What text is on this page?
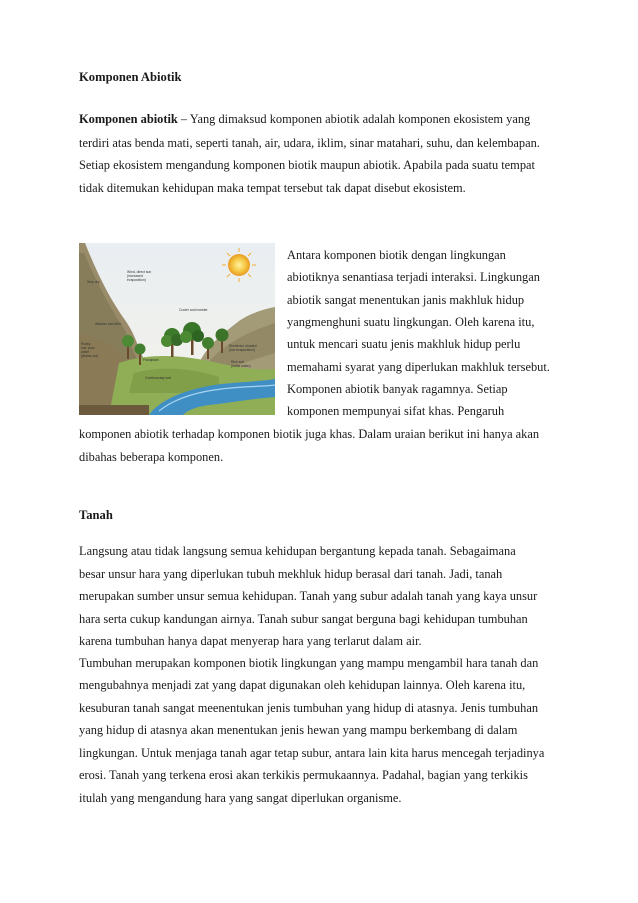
Komponen Abiotik
Komponen abiotik – Yang dimaksud komponen abiotik adalah komponen ekosistem yang
terdiri atas benda mati, seperti tanah, air, udara, iklim, sinar matahari, suhu, dan kelembapan.
Setiap ekosistem mengandung komponen biotik maupun abiotik. Apabila pada suatu tempat
tidak ditemukan kehidupan maka tempat tersebut tak dapat disebut ekosistem.
Very dry
Wind, direct sun
(increased
evaporation)
Cooler and moister
Warmer and drier
Rocky
soil, poor
water
(drains out)
Floodplain
Continuously wet
Sheltered, shaded
(low evaporation)
Rich soil
(holds water)
Antara komponen biotik dengan lingkungan
abiotiknya senantiasa terjadi interaksi. Lingkungan
abiotik sangat menentukan janis makhluk hidup
yangmenghuni suatu lingkungan. Oleh karena itu,
untuk mencari suatu jenis makhluk hidup perlu
memahami syarat yang diperlukan makhluk tersebut.
Komponen abiotik banyak ragamnya. Setiap
komponen mempunyai sifat khas. Pengaruh
komponen abiotik terhadap komponen biotik juga khas. Dalam uraian berikut ini hanya akan
dibahas beberapa komponen.
Tanah
Langsung atau tidak langsung semua kehidupan bergantung kepada tanah. Sebagaimana
besar unsur hara yang diperlukan tubuh mekhluk hidup berasal dari tanah. Jadi, tanah
merupakan sumber unsur semua kehidupan. Tanah yang subur adalah tanah yang kaya unsur
hara serta cukup kandungan airnya. Tanah subur sangat berguna bagi kehidupan tumbuhan
karena tumbuhan hanya dapat menyerap hara yang terlarut dalam air.
Tumbuhan merupakan komponen biotik lingkungan yang mampu mengambil hara tanah dan
mengubahnya menjadi zat yang dapat digunakan oleh kehidupan lainnya. Oleh karena itu,
kesuburan tanah sangat meenentukan jenis tumbuhan yang hidup di atasnya. Jenis tumbuhan
yang hidup di atasnya akan menentukan jenis hewan yang mampu berkembang di dalam
lingkungan. Untuk menjaga tanah agar tetap subur, antara lain kita harus mencegah terjadinya
erosi. Tanah yang terkena erosi akan terkikis permukaannya. Padahal, bagian yang terkikis
itulah yang mengandung hara yang sangat diperlukan organisme.
